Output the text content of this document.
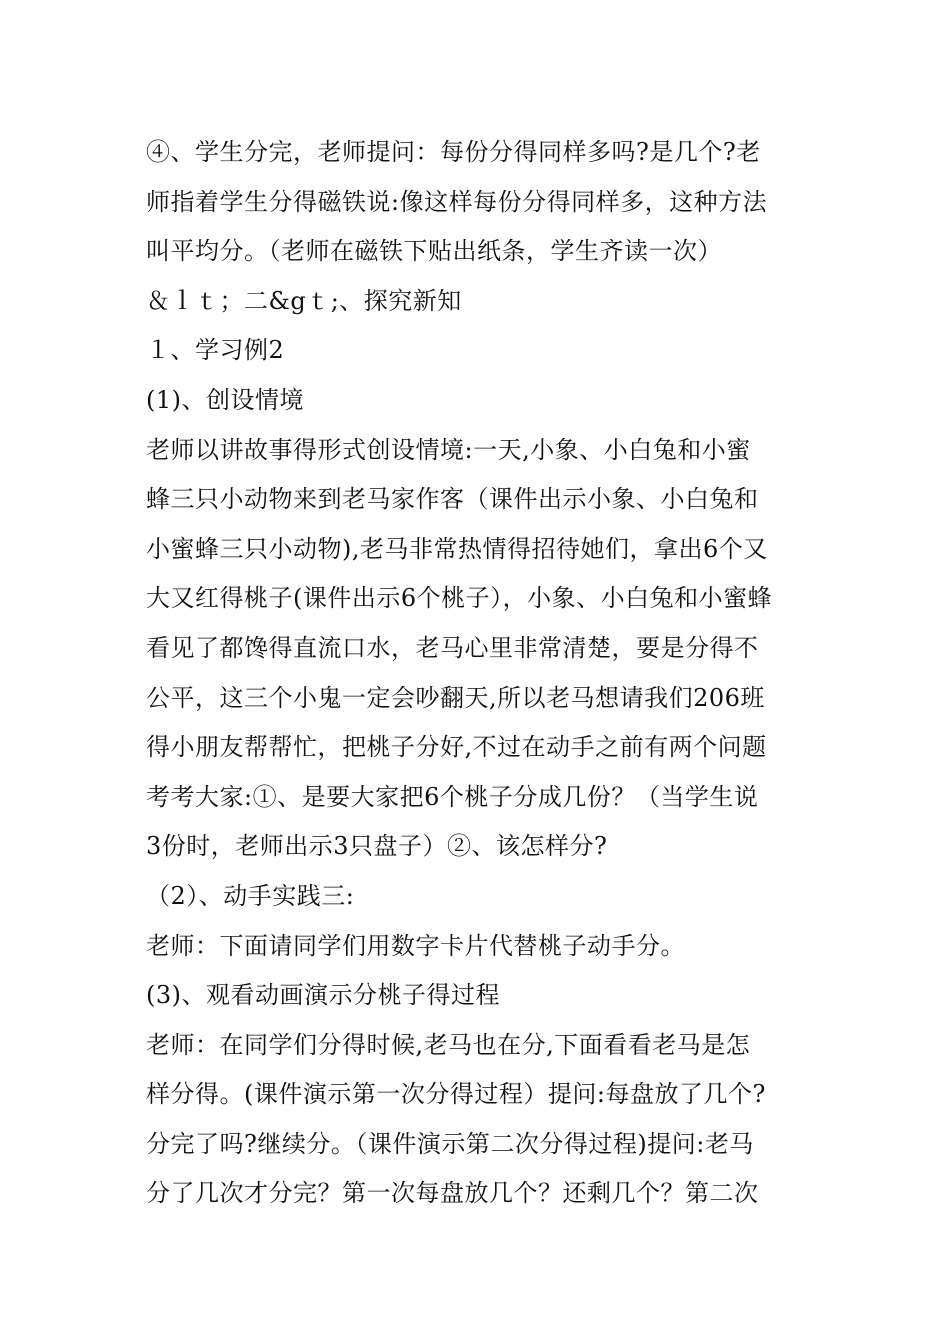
④、学生分完，老师提问：每份分得同样多吗?是几个?老
师指着学生分得磁铁说:像这样每份分得同样多，这种方法
叫平均分。（老师在磁铁下贴出纸条，学生齐读一次）
＆ｌｔ；二&gｔ;、探究新知
１、学习例2
(1)、创设情境
老师以讲故事得形式创设情境:一天,小象、小白兔和小蜜
蜂三只小动物来到老马家作客（课件出示小象、小白兔和
小蜜蜂三只小动物),老马非常热情得招待她们，拿出6个又
大又红得桃子(课件出示6个桃子），小象、小白兔和小蜜蜂
看见了都馋得直流口水，老马心里非常清楚，要是分得不
公平，这三个小鬼一定会吵翻天,所以老马想请我们206班
得小朋友帮帮忙，把桃子分好,不过在动手之前有两个问题
考考大家:①、是要大家把6个桃子分成几份？（当学生说
3份时，老师出示3只盘子）②、该怎样分?
（2）、动手实践三:
老师：下面请同学们用数字卡片代替桃子动手分。
(3)、观看动画演示分桃子得过程
老师：在同学们分得时候,老马也在分,下面看看老马是怎
样分得。(课件演示第一次分得过程）提问:每盘放了几个?
分完了吗?继续分。（课件演示第二次分得过程)提问:老马
分了几次才分完？第一次每盘放几个？还剩几个？第二次
